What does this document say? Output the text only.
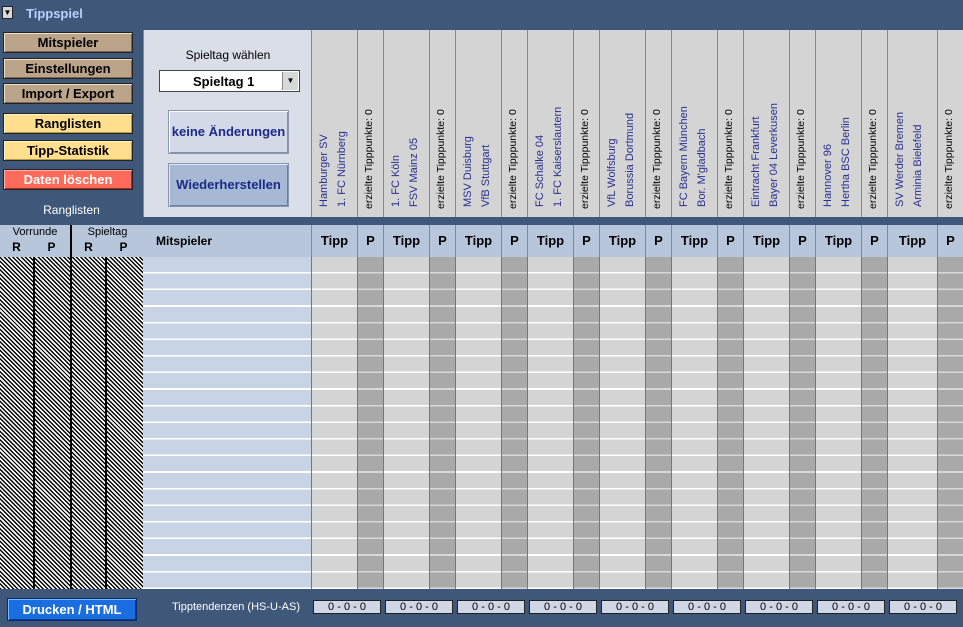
▼ Tippspiel
Mitspieler
Einstellungen
Import / Export
Ranglisten
Tipp-Statistik
Daten löschen
Ranglisten
Spieltag wählen
Spieltag 1	▼
keine Änderungen
Wiederherstellen	Hamburger SV 1. FC Nürnberg	erzielte Tipppunkte: 0	1. FC Köln FSV Mainz 05	erzielte Tipppunkte: 0	MSV Duisburg VfB Stuttgart	erzielte Tipppunkte: 0	FC Schalke 04 1. FC Kaiserslautern	erzielte Tipppunkte: 0	VfL Wolfsburg Borussia Dortmund	erzielte Tipppunkte: 0	FC Bayern München Bor. M'gladbach	erzielte Tipppunkte: 0	Eintracht Frankfurt Bayer 04 Leverkusen	erzielte Tipppunkte: 0	Hannover 96 Hertha BSC Berlin	erzielte Tipppunkte: 0	SV Werder Bremen Arminia Bielefeld	erzielte Tipppunkte: 0
Vorrunde	Spieltag
R	P	R	P	Mitspieler	Tipp	P	Tipp	P	Tipp	P	Tipp	P	Tipp	P	Tipp	P	Tipp	P	Tipp	P	Tipp	P
Drucken / HTML	Tipptendenzen (HS-U-AS)	0 - 0 - 0	0 - 0 - 0	0 - 0 - 0	0 - 0 - 0	0 - 0 - 0	0 - 0 - 0	0 - 0 - 0	0 - 0 - 0	0 - 0 - 0
